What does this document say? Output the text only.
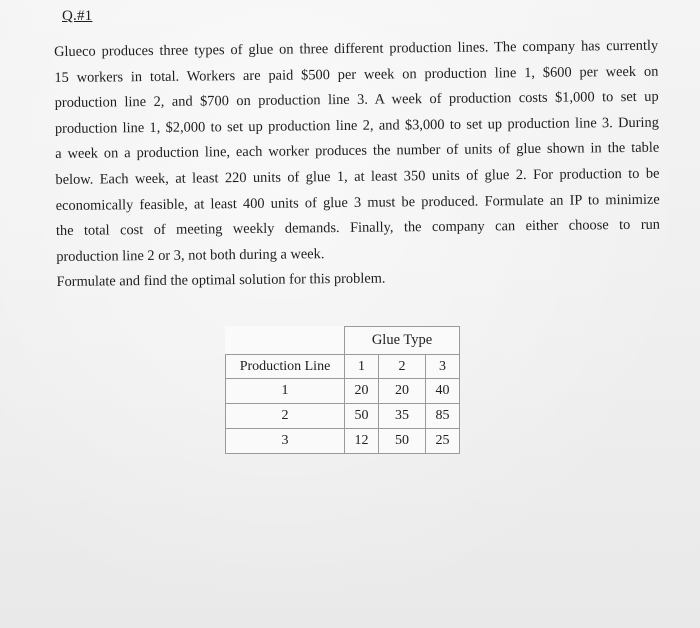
Q.#1
Glueco produces three types of glue on three different production lines. The company has currently
15 workers in total. Workers are paid $500 per week on production line 1, $600 per week on
production line 2, and $700 on production line 3. A week of production costs $1,000 to set up
production line 1, $2,000 to set up production line 2, and $3,000 to set up production line 3. During
a week on a production line, each worker produces the number of units of glue shown in the table
below. Each week, at least 220 units of glue 1, at least 350 units of glue 2. For production to be
economically feasible, at least 400 units of glue 3 must be produced. Formulate an IP to minimize
the total cost of meeting weekly demands. Finally, the company can either choose to run
production line 2 or 3, not both during a week.
Formulate and find the optimal solution for this problem.
	Glue Type		
Production Line	1	2	3
1	20	20	40
2	50	35	85
3	12	50	25
